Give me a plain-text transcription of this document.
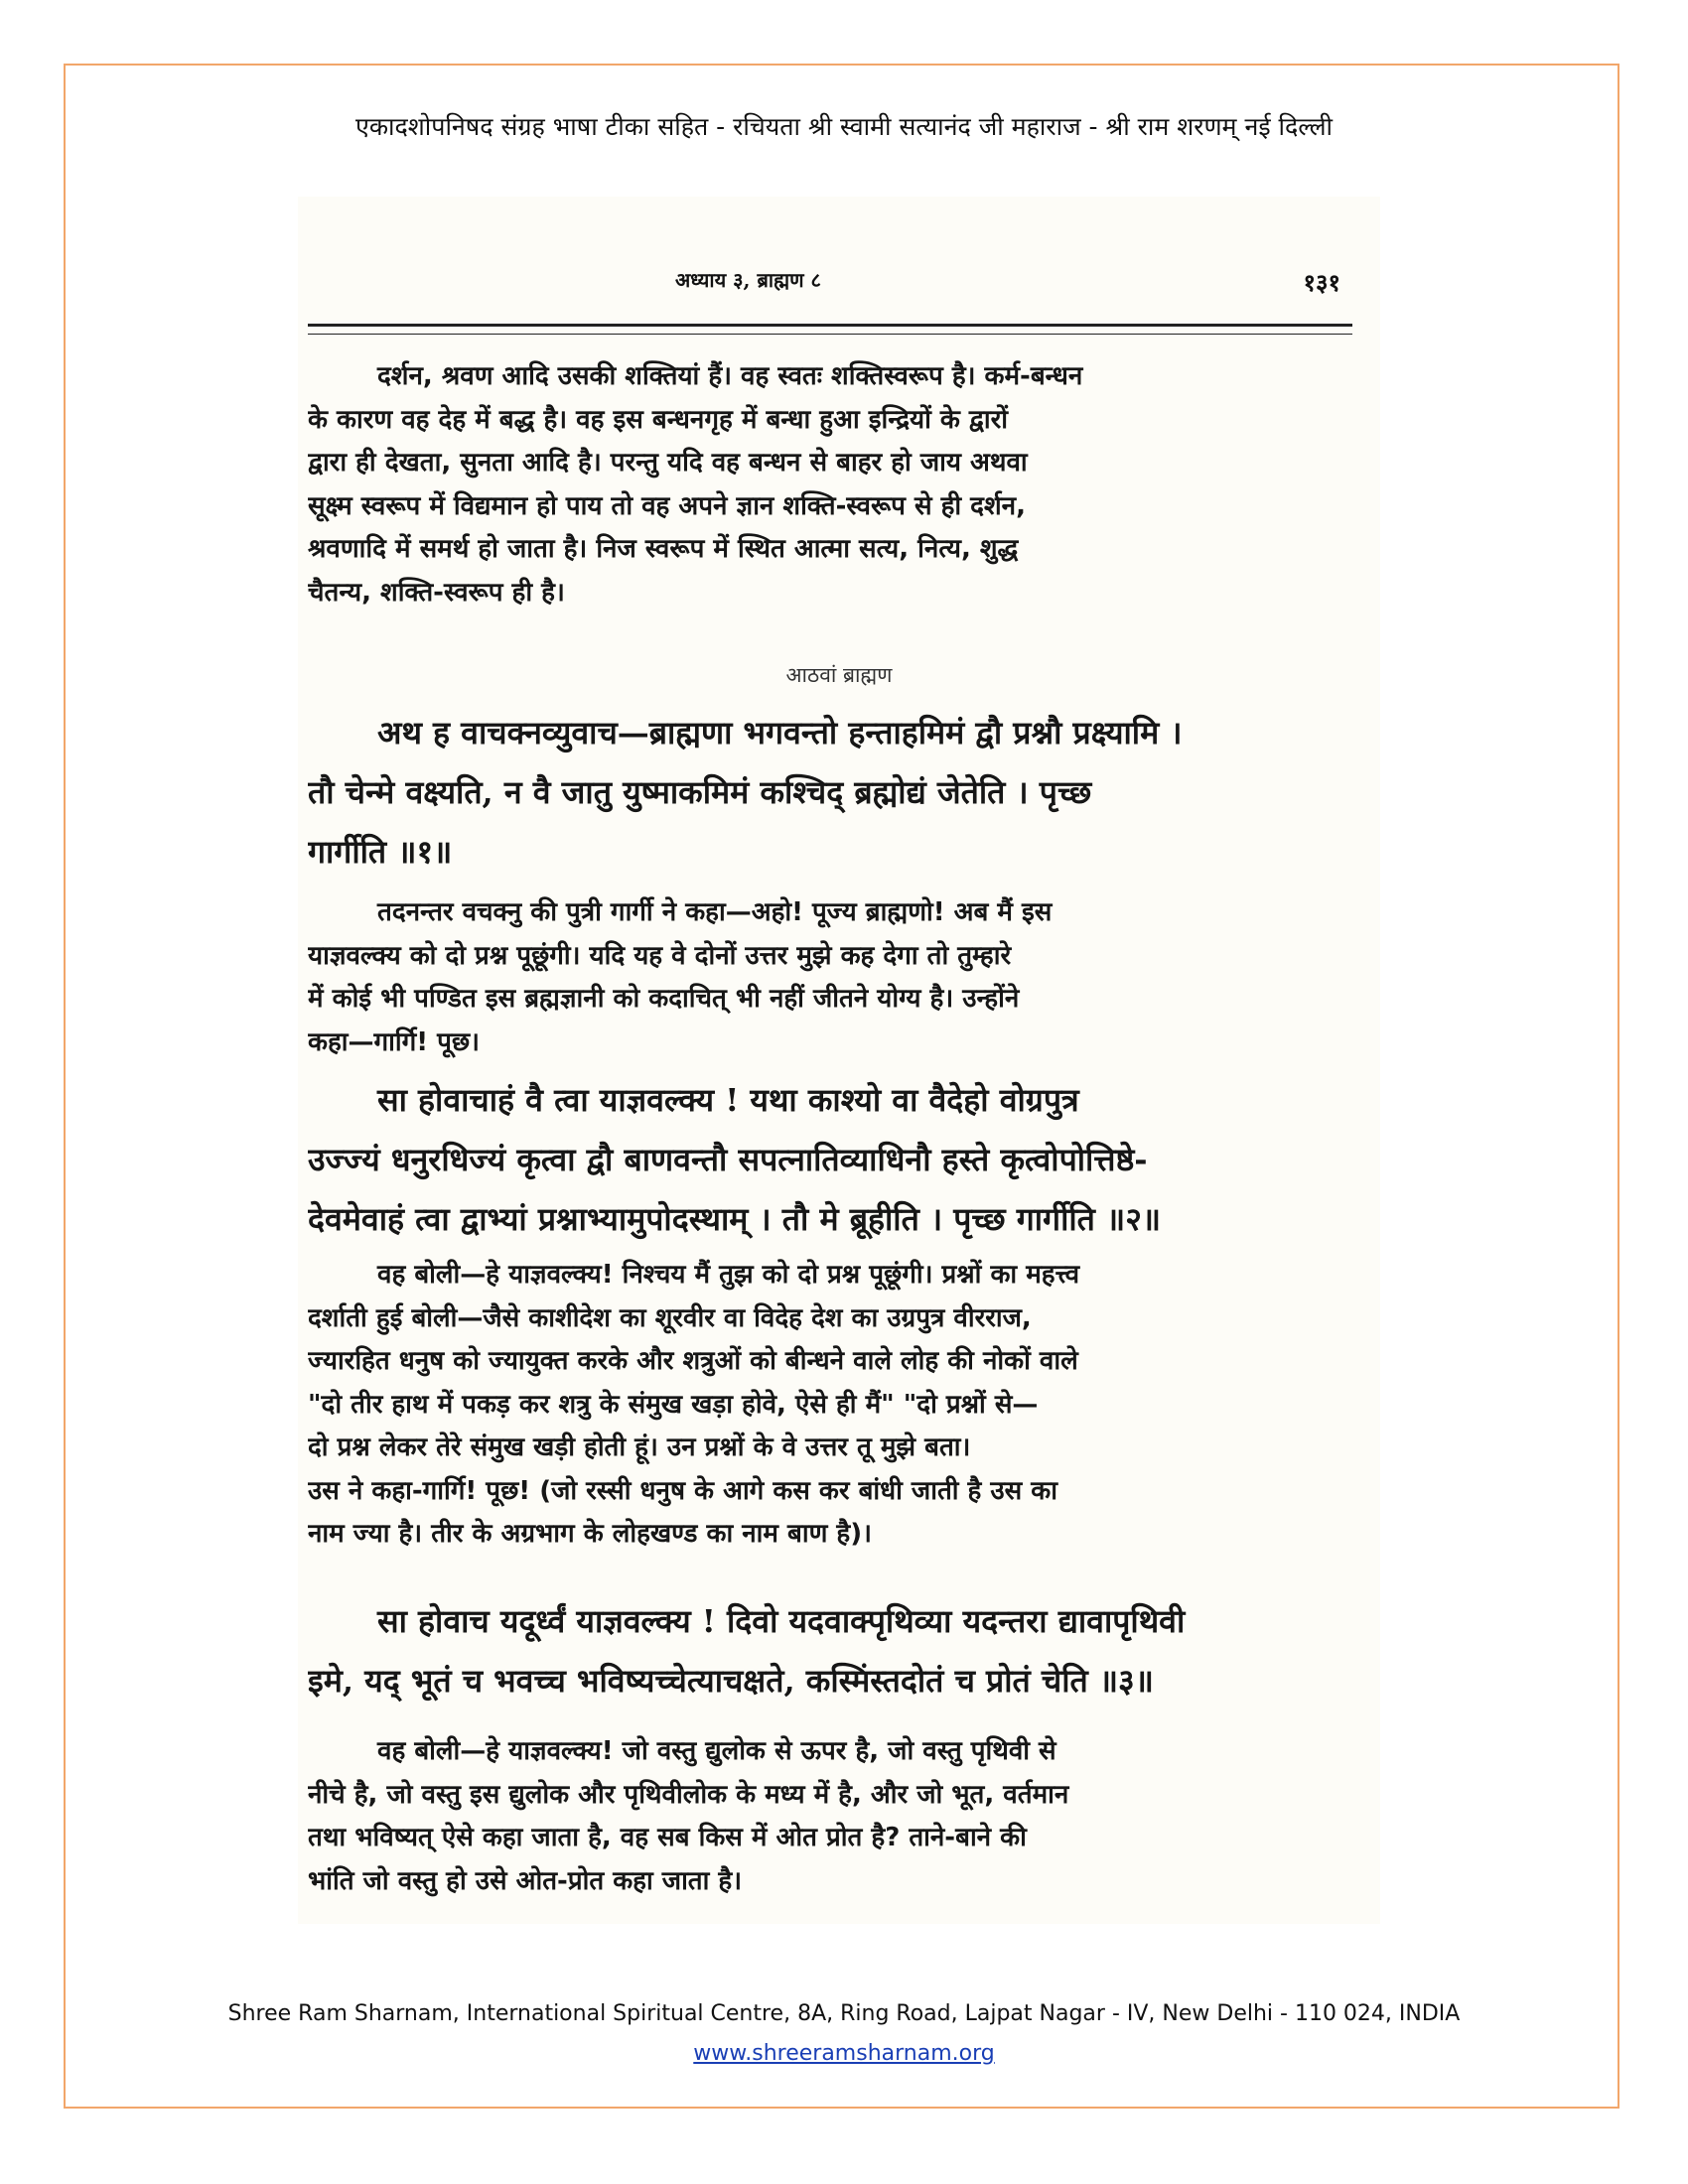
एकादशोपनिषद संग्रह भाषा टीका सहित - रचियता श्री स्वामी सत्यानंद जी महाराज - श्री राम शरणम् नई दिल्ली
अध्याय ३, ब्राह्मण ८	१३१
दर्शन, श्रवण आदि उसकी शक्तियां हैं। वह स्वतः शक्तिस्वरूप है। कर्म-बन्धन
के कारण वह देह में बद्ध है। वह इस बन्धनगृह में बन्धा हुआ इन्द्रियों के द्वारों
द्वारा ही देखता, सुनता आदि है। परन्तु यदि वह बन्धन से बाहर हो जाय अथवा
सूक्ष्म स्वरूप में विद्यमान हो पाय तो वह अपने ज्ञान शक्ति-स्वरूप से ही दर्शन,
श्रवणादि में समर्थ हो जाता है। निज स्वरूप में स्थित आत्मा सत्य, नित्य, शुद्ध
चैतन्य, शक्ति-स्वरूप ही है।
आठवां ब्राह्मण
अथ ह वाचक्नव्युवाच—ब्राह्मणा भगवन्तो हन्ताहमिमं द्वौ प्रश्नौ प्रक्ष्यामि ।
तौ चेन्मे वक्ष्यति, न वै जातु युष्माकमिमं कश्चिद् ब्रह्मोद्यं जेतेति । पृच्छ
गार्गीति ॥१॥
तदनन्तर वचक्नु की पुत्री गार्गी ने कहा—अहो! पूज्य ब्राह्मणो! अब मैं इस
याज्ञवल्क्य को दो प्रश्न पूछूंगी। यदि यह वे दोनों उत्तर मुझे कह देगा तो तुम्हारे
में कोई भी पण्डित इस ब्रह्मज्ञानी को कदाचित् भी नहीं जीतने योग्य है। उन्होंने
कहा—गार्गि! पूछ।
सा होवाचाहं वै त्वा याज्ञवल्क्य ! यथा काश्यो वा वैदेहो वोग्रपुत्र
उज्ज्यं धनुरधिज्यं कृत्वा द्वौ बाणवन्तौ सपत्नातिव्याधिनौ हस्ते कृत्वोपोत्तिष्ठे-
देवमेवाहं त्वा द्वाभ्यां प्रश्नाभ्यामुपोदस्थाम् । तौ मे ब्रूहीति । पृच्छ गार्गीति ॥२॥
वह बोली—हे याज्ञवल्क्य! निश्चय मैं तुझ को दो प्रश्न पूछूंगी। प्रश्नों का महत्त्व
दर्शाती हुई बोली—जैसे काशीदेश का शूरवीर वा विदेह देश का उग्रपुत्र वीरराज,
ज्यारहित धनुष को ज्यायुक्त करके और शत्रुओं को बीन्धने वाले लोह की नोकों वाले
"दो तीर हाथ में पकड़ कर शत्रु के संमुख खड़ा होवे, ऐसे ही मैं" "दो प्रश्नों से—
दो प्रश्न लेकर तेरे संमुख खड़ी होती हूं। उन प्रश्नों के वे उत्तर तू मुझे बता।
उस ने कहा-गार्गि! पूछ! (जो रस्सी धनुष के आगे कस कर बांधी जाती है उस का
नाम ज्या है। तीर के अग्रभाग के लोहखण्ड का नाम बाण है)।
सा होवाच यदूर्ध्वं याज्ञवल्क्य ! दिवो यदवाक्पृथिव्या यदन्तरा द्यावापृथिवी
इमे, यद् भूतं च भवच्च भविष्यच्चेत्याचक्षते, कस्मिंस्तदोतं च प्रोतं चेति ॥३॥
वह बोली—हे याज्ञवल्क्य! जो वस्तु द्युलोक से ऊपर है, जो वस्तु पृथिवी से
नीचे है, जो वस्तु इस द्युलोक और पृथिवीलोक के मध्य में है, और जो भूत, वर्तमान
तथा भविष्यत् ऐसे कहा जाता है, वह सब किस में ओत प्रोत है? ताने-बाने की
भांति जो वस्तु हो उसे ओत-प्रोत कहा जाता है।
Shree Ram Sharnam, International Spiritual Centre, 8A, Ring Road, Lajpat Nagar - IV, New Delhi - 110 024, INDIA
www.shreeramsharnam.org
